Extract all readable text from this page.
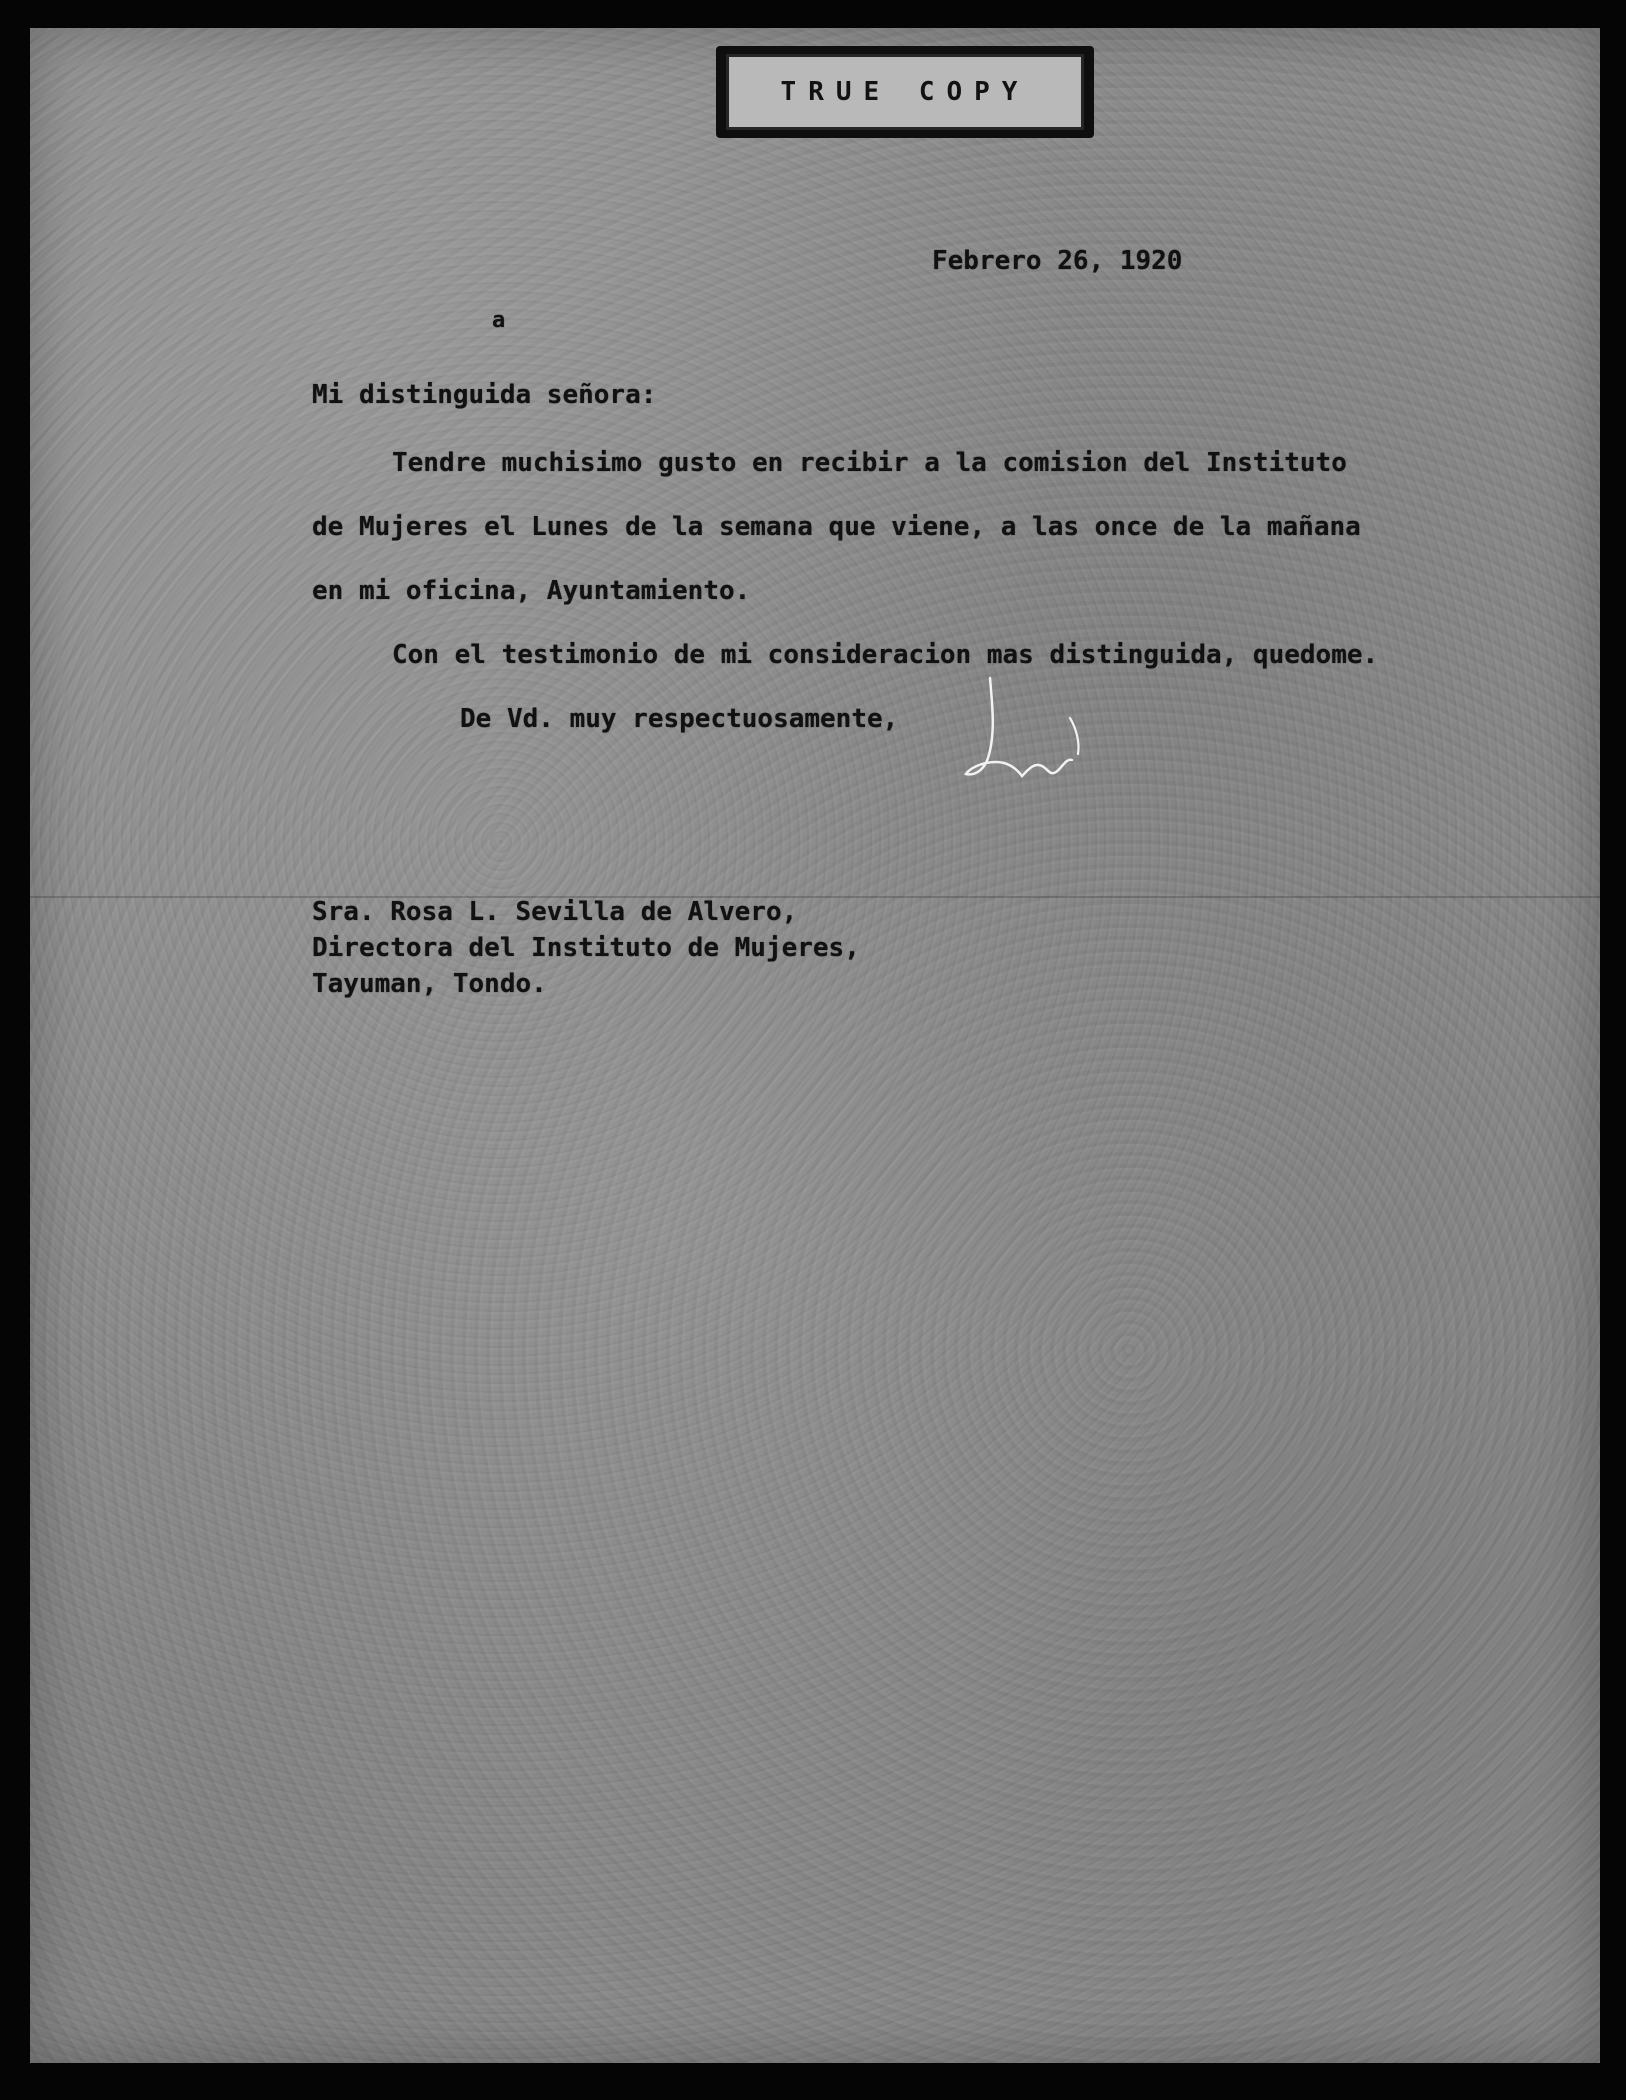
TRUE COPY
Febrero 26, 1920
a
Mi distinguida señora:
Tendre muchisimo gusto en recibir a la comision del Instituto
de Mujeres el Lunes de la semana que viene, a las once de la mañana
en mi oficina, Ayuntamiento.
Con el testimonio de mi consideracion mas distinguida, quedome.
De Vd. muy respectuosamente,
Sra. Rosa L. Sevilla de Alvero,
Directora del Instituto de Mujeres,
Tayuman, Tondo.
